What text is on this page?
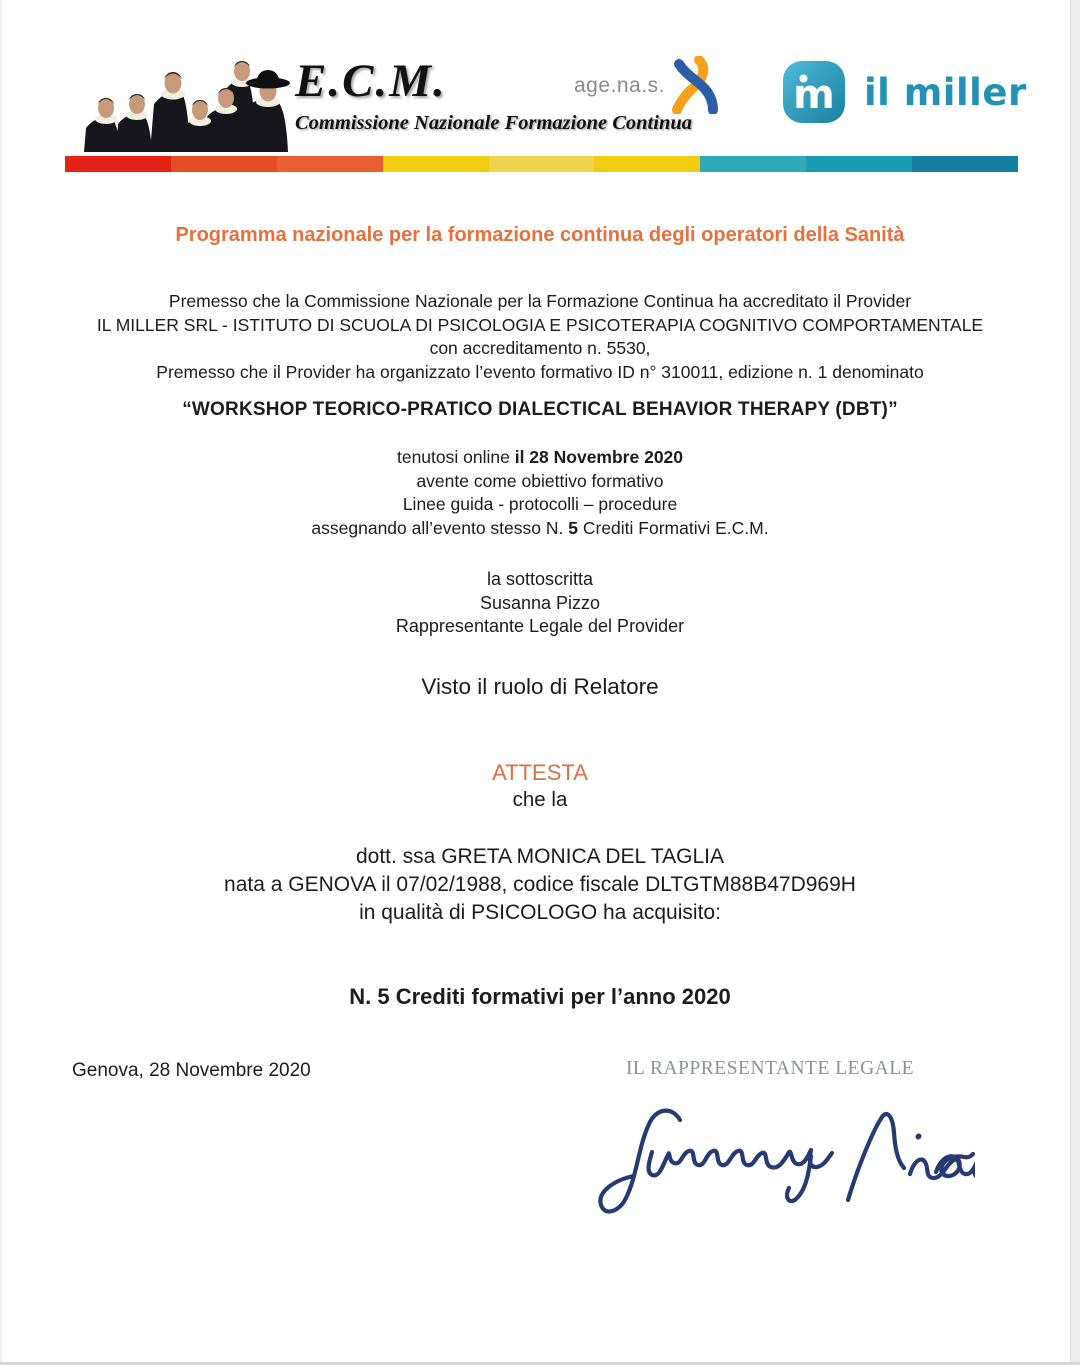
E.C.M.
Commissione Nazionale Formazione Continua
age.na.s.	m il miller
Programma nazionale per la formazione continua degli operatori della Sanità
Premesso che la Commissione Nazionale per la Formazione Continua ha accreditato il Provider
IL MILLER SRL - ISTITUTO DI SCUOLA DI PSICOLOGIA E PSICOTERAPIA COGNITIVO COMPORTAMENTALE
con accreditamento n. 5530,
Premesso che il Provider ha organizzato l’evento formativo ID n° 310011, edizione n. 1 denominato
“WORKSHOP TEORICO-PRATICO DIALECTICAL BEHAVIOR THERAPY (DBT)”
tenutosi online il 28 Novembre 2020
avente come obiettivo formativo
Linee guida - protocolli – procedure
assegnando all’evento stesso N. 5 Crediti Formativi E.C.M.
la sottoscritta
Susanna Pizzo
Rappresentante Legale del Provider
Visto il ruolo di Relatore
ATTESTA
che la
dott. ssa GRETA MONICA DEL TAGLIA
nata a GENOVA il 07/02/1988, codice fiscale DLTGTM88B47D969H
in qualità di PSICOLOGO ha acquisito:
N. 5 Crediti formativi per l’anno 2020
Genova, 28 Novembre 2020	IL RAPPRESENTANTE LEGALE
